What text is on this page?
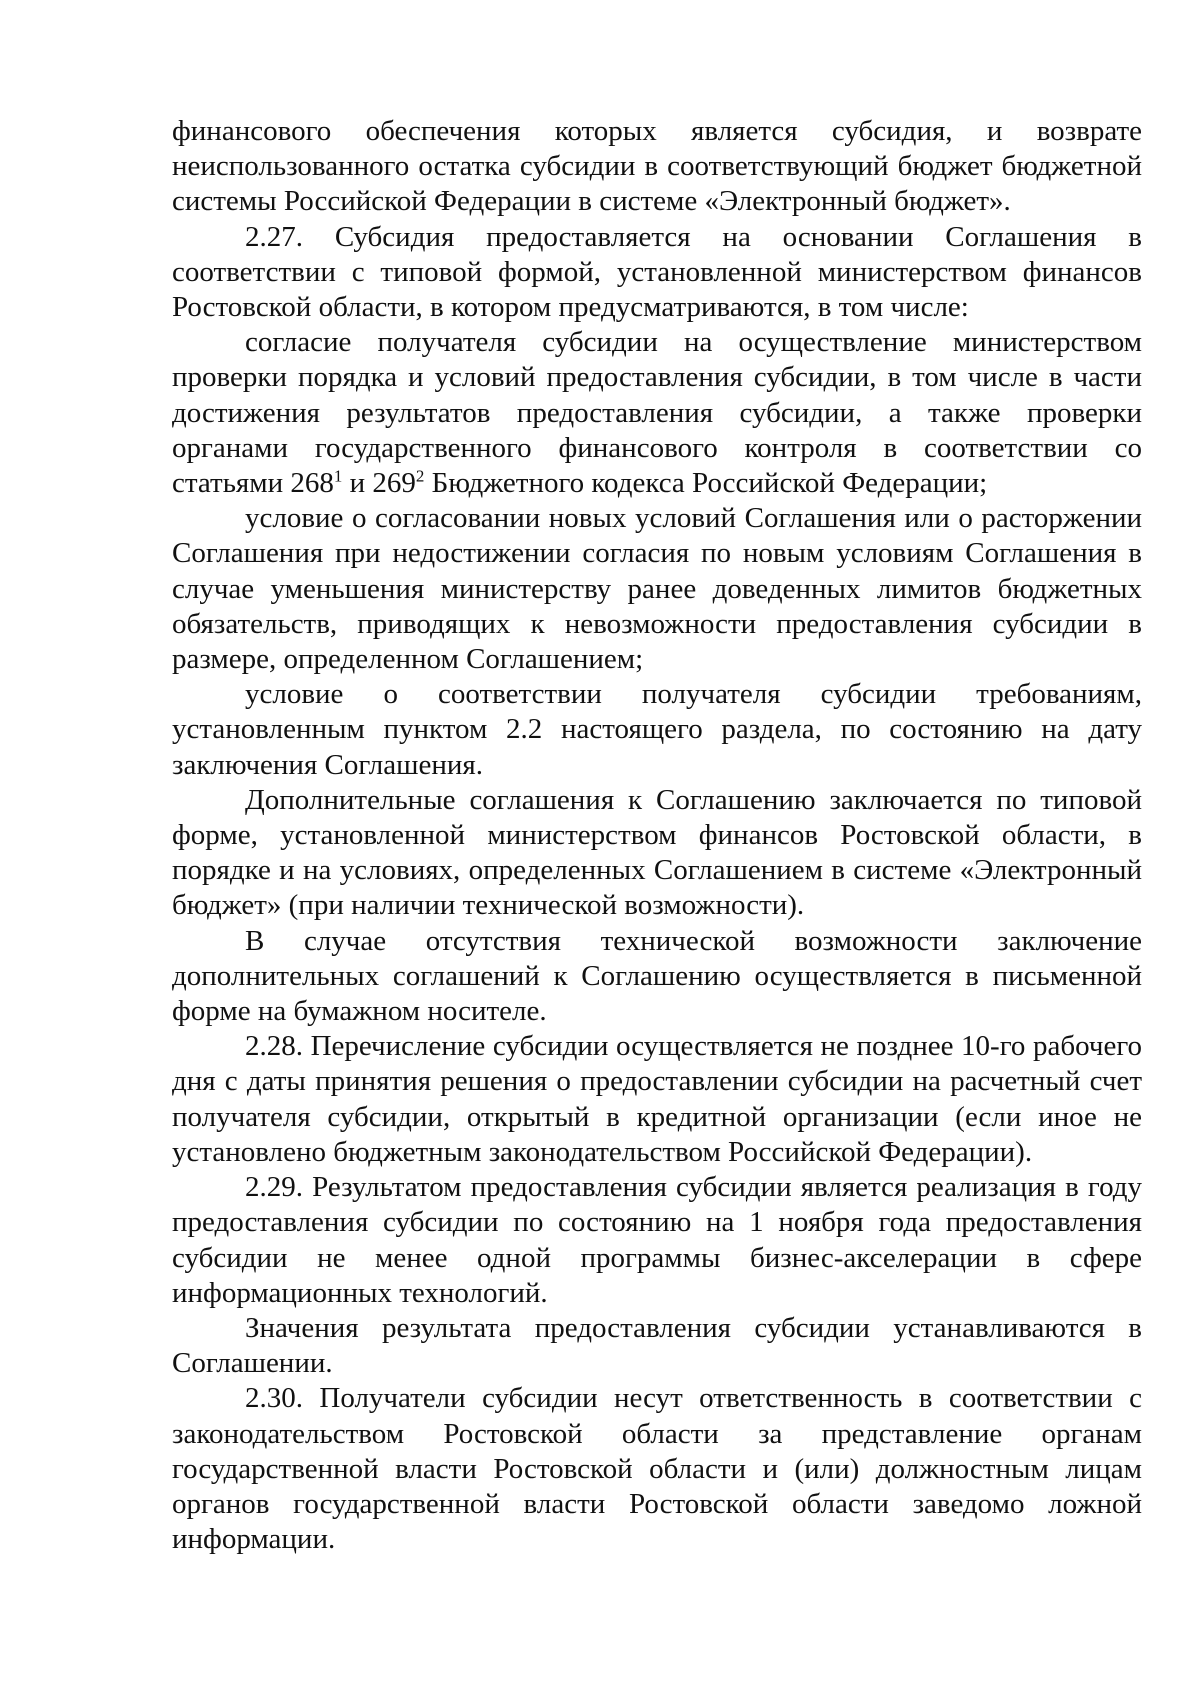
финансового обеспечения которых является субсидия, и возврате неиспользованного остатка субсидии в соответствующий бюджет бюджетной системы Российской Федерации в системе «Электронный бюджет».

2.27. Субсидия предоставляется на основании Соглашения в соответствии с типовой формой, установленной министерством финансов Ростовской области, в котором предусматриваются, в том числе:

согласие получателя субсидии на осуществление министерством проверки порядка и условий предоставления субсидии, в том числе в части достижения результатов предоставления субсидии, а также проверки органами государственного финансового контроля в соответствии со статьями $268^1$ и $269^2$ Бюджетного кодекса Российской Федерации;

условие о согласовании новых условий Соглашения или о расторжении Соглашения при недостижении согласия по новым условиям Соглашения в случае уменьшения министерству ранее доведенных лимитов бюджетных обязательств, приводящих к невозможности предоставления субсидии в размере, определенном Соглашением;

условие о соответствии получателя субсидии требованиям, установленным пунктом 2.2 настоящего раздела, по состоянию на дату заключения Соглашения.

Дополнительные соглашения к Соглашению заключается по типовой форме, установленной министерством финансов Ростовской области, в порядке и на условиях, определенных Соглашением в системе «Электронный бюджет» (при наличии технической возможности).

В случае отсутствия технической возможности заключение дополнительных соглашений к Соглашению осуществляется в письменной форме на бумажном носителе.

2.28. Перечисление субсидии осуществляется не позднее 10-го рабочего дня с даты принятия решения о предоставлении субсидии на расчетный счет получателя субсидии, открытый в кредитной организации (если иное не установлено бюджетным законодательством Российской Федерации).

2.29. Результатом предоставления субсидии является реализация в году предоставления субсидии по состоянию на 1 ноября года предоставления субсидии не менее одной программы бизнес-акселерации в сфере информационных технологий.

Значения результата предоставления субсидии устанавливаются в Соглашении.

2.30. Получатели субсидии несут ответственность в соответствии с законодательством Ростовской области за представление органам государственной власти Ростовской области и (или) должностным лицам органов государственной власти Ростовской области заведомо ложной информации.
